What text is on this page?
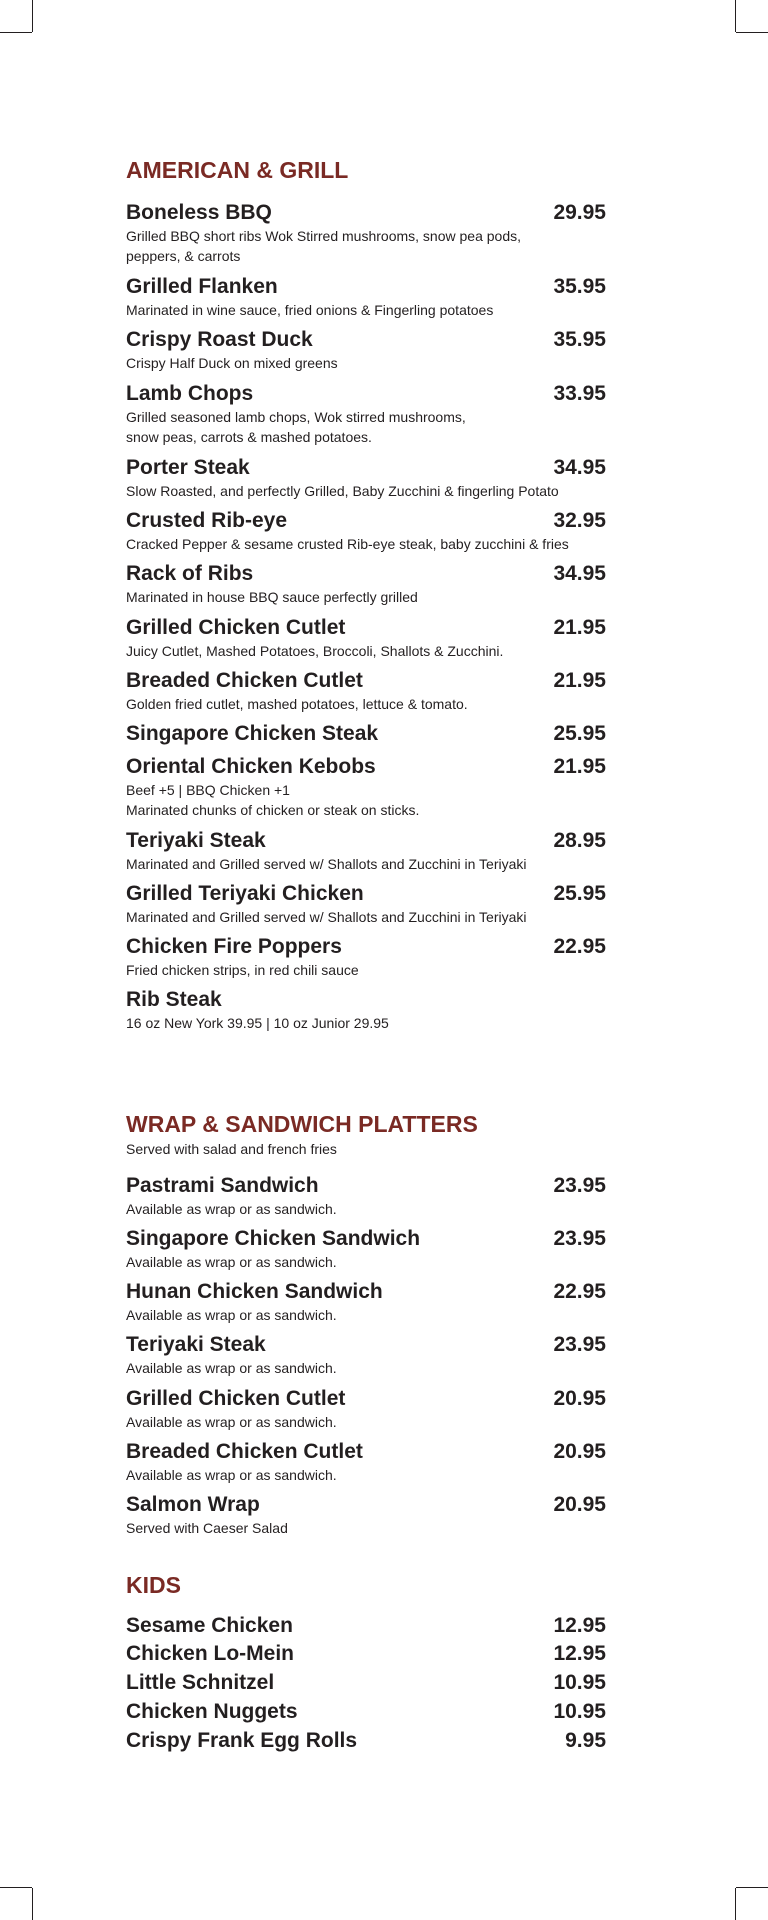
AMERICAN & GRILL
Boneless BBQ	29.95
Grilled BBQ short ribs Wok Stirred mushrooms, snow pea pods,
peppers, & carrots
Grilled Flanken	35.95
Marinated in wine sauce, fried onions & Fingerling potatoes
Crispy Roast Duck	35.95
Crispy Half Duck on mixed greens
Lamb Chops	33.95
Grilled seasoned lamb chops, Wok stirred mushrooms,
snow peas, carrots & mashed potatoes.
Porter Steak	34.95
Slow Roasted, and perfectly Grilled, Baby Zucchini & fingerling Potato
Crusted Rib-eye	32.95
Cracked Pepper & sesame crusted Rib-eye steak, baby zucchini & fries
Rack of Ribs	34.95
Marinated in house BBQ sauce perfectly grilled
Grilled Chicken Cutlet	21.95
Juicy Cutlet, Mashed Potatoes, Broccoli, Shallots & Zucchini.
Breaded Chicken Cutlet	21.95
Golden fried cutlet, mashed potatoes, lettuce & tomato.
Singapore Chicken Steak	25.95
Oriental Chicken Kebobs	21.95
Beef +5 | BBQ Chicken +1
Marinated chunks of chicken or steak on sticks.
Teriyaki Steak	28.95
Marinated and Grilled served w/ Shallots and Zucchini in Teriyaki
Grilled Teriyaki Chicken	25.95
Marinated and Grilled served w/ Shallots and Zucchini in Teriyaki
Chicken Fire Poppers	22.95
Fried chicken strips, in red chili sauce
Rib Steak
16 oz New York 39.95 | 10 oz Junior 29.95
WRAP & SANDWICH PLATTERS
Served with salad and french fries
Pastrami Sandwich	23.95
Available as wrap or as sandwich.
Singapore Chicken Sandwich	23.95
Available as wrap or as sandwich.
Hunan Chicken Sandwich	22.95
Available as wrap or as sandwich.
Teriyaki Steak	23.95
Available as wrap or as sandwich.
Grilled Chicken Cutlet	20.95
Available as wrap or as sandwich.
Breaded Chicken Cutlet	20.95
Available as wrap or as sandwich.
Salmon Wrap	20.95
Served with Caeser Salad
KIDS
Sesame Chicken	12.95
Chicken Lo-Mein	12.95
Little Schnitzel	10.95
Chicken Nuggets	10.95
Crispy Frank Egg Rolls	9.95
